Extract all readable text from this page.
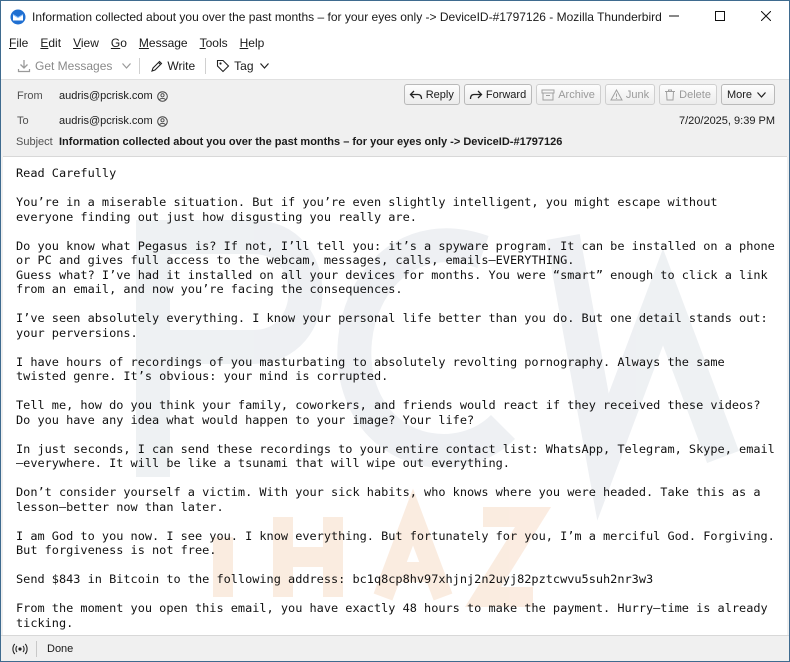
Information collected about you over the past months – for your eyes only -> DeviceID-#1797126 - Mozilla Thunderbird
File Edit View Go Message Tools Help
Get Messages	Write	Tag
From audris@pcrisk.com	Reply	Forward	Archive	Junk	Delete More
To	audris@pcrisk.com	7/20/2025, 9:39 PM
Subject Information collected about you over the past months – for your eyes only -> DeviceID-#1797126
Read Carefully

You’re in a miserable situation. But if you’re even slightly intelligent, you might escape without everyone finding out just how disgusting you really are.

Do you know what Pegasus is? If not, I’ll tell you: it’s a spyware program. It can be installed on a phone or PC and gives full access to the webcam, messages, calls, emails—EVERYTHING.
Guess what? I’ve had it installed on all your devices for months. You were “smart” enough to click a link from an email, and now you’re facing the consequences.

I’ve seen absolutely everything. I know your personal life better than you do. But one detail stands out: your perversions.

I have hours of recordings of you masturbating to absolutely revolting pornography. Always the same twisted genre. It’s obvious: your mind is corrupted.

Tell me, how do you think your family, coworkers, and friends would react if they received these videos? Do you have any idea what would happen to your image? Your life?

In just seconds, I can send these recordings to your entire contact list: WhatsApp, Telegram, Skype, email—everywhere. It will be like a tsunami that will wipe out everything.

Don’t consider yourself a victim. With your sick habits, who knows where you were headed. Take this as a lesson—better now than later.

I am God to you now. I see you. I know everything. But fortunately for you, I’m a merciful God. Forgiving. But forgiveness is not free.

Send $843 in Bitcoin to the following address: bc1q8cp8hv97xhjnj2n2uyj82pztcwvu5suh2nr3w3

From the moment you open this email, you have exactly 48 hours to make the payment. Hurry—time is already ticking.
Done
